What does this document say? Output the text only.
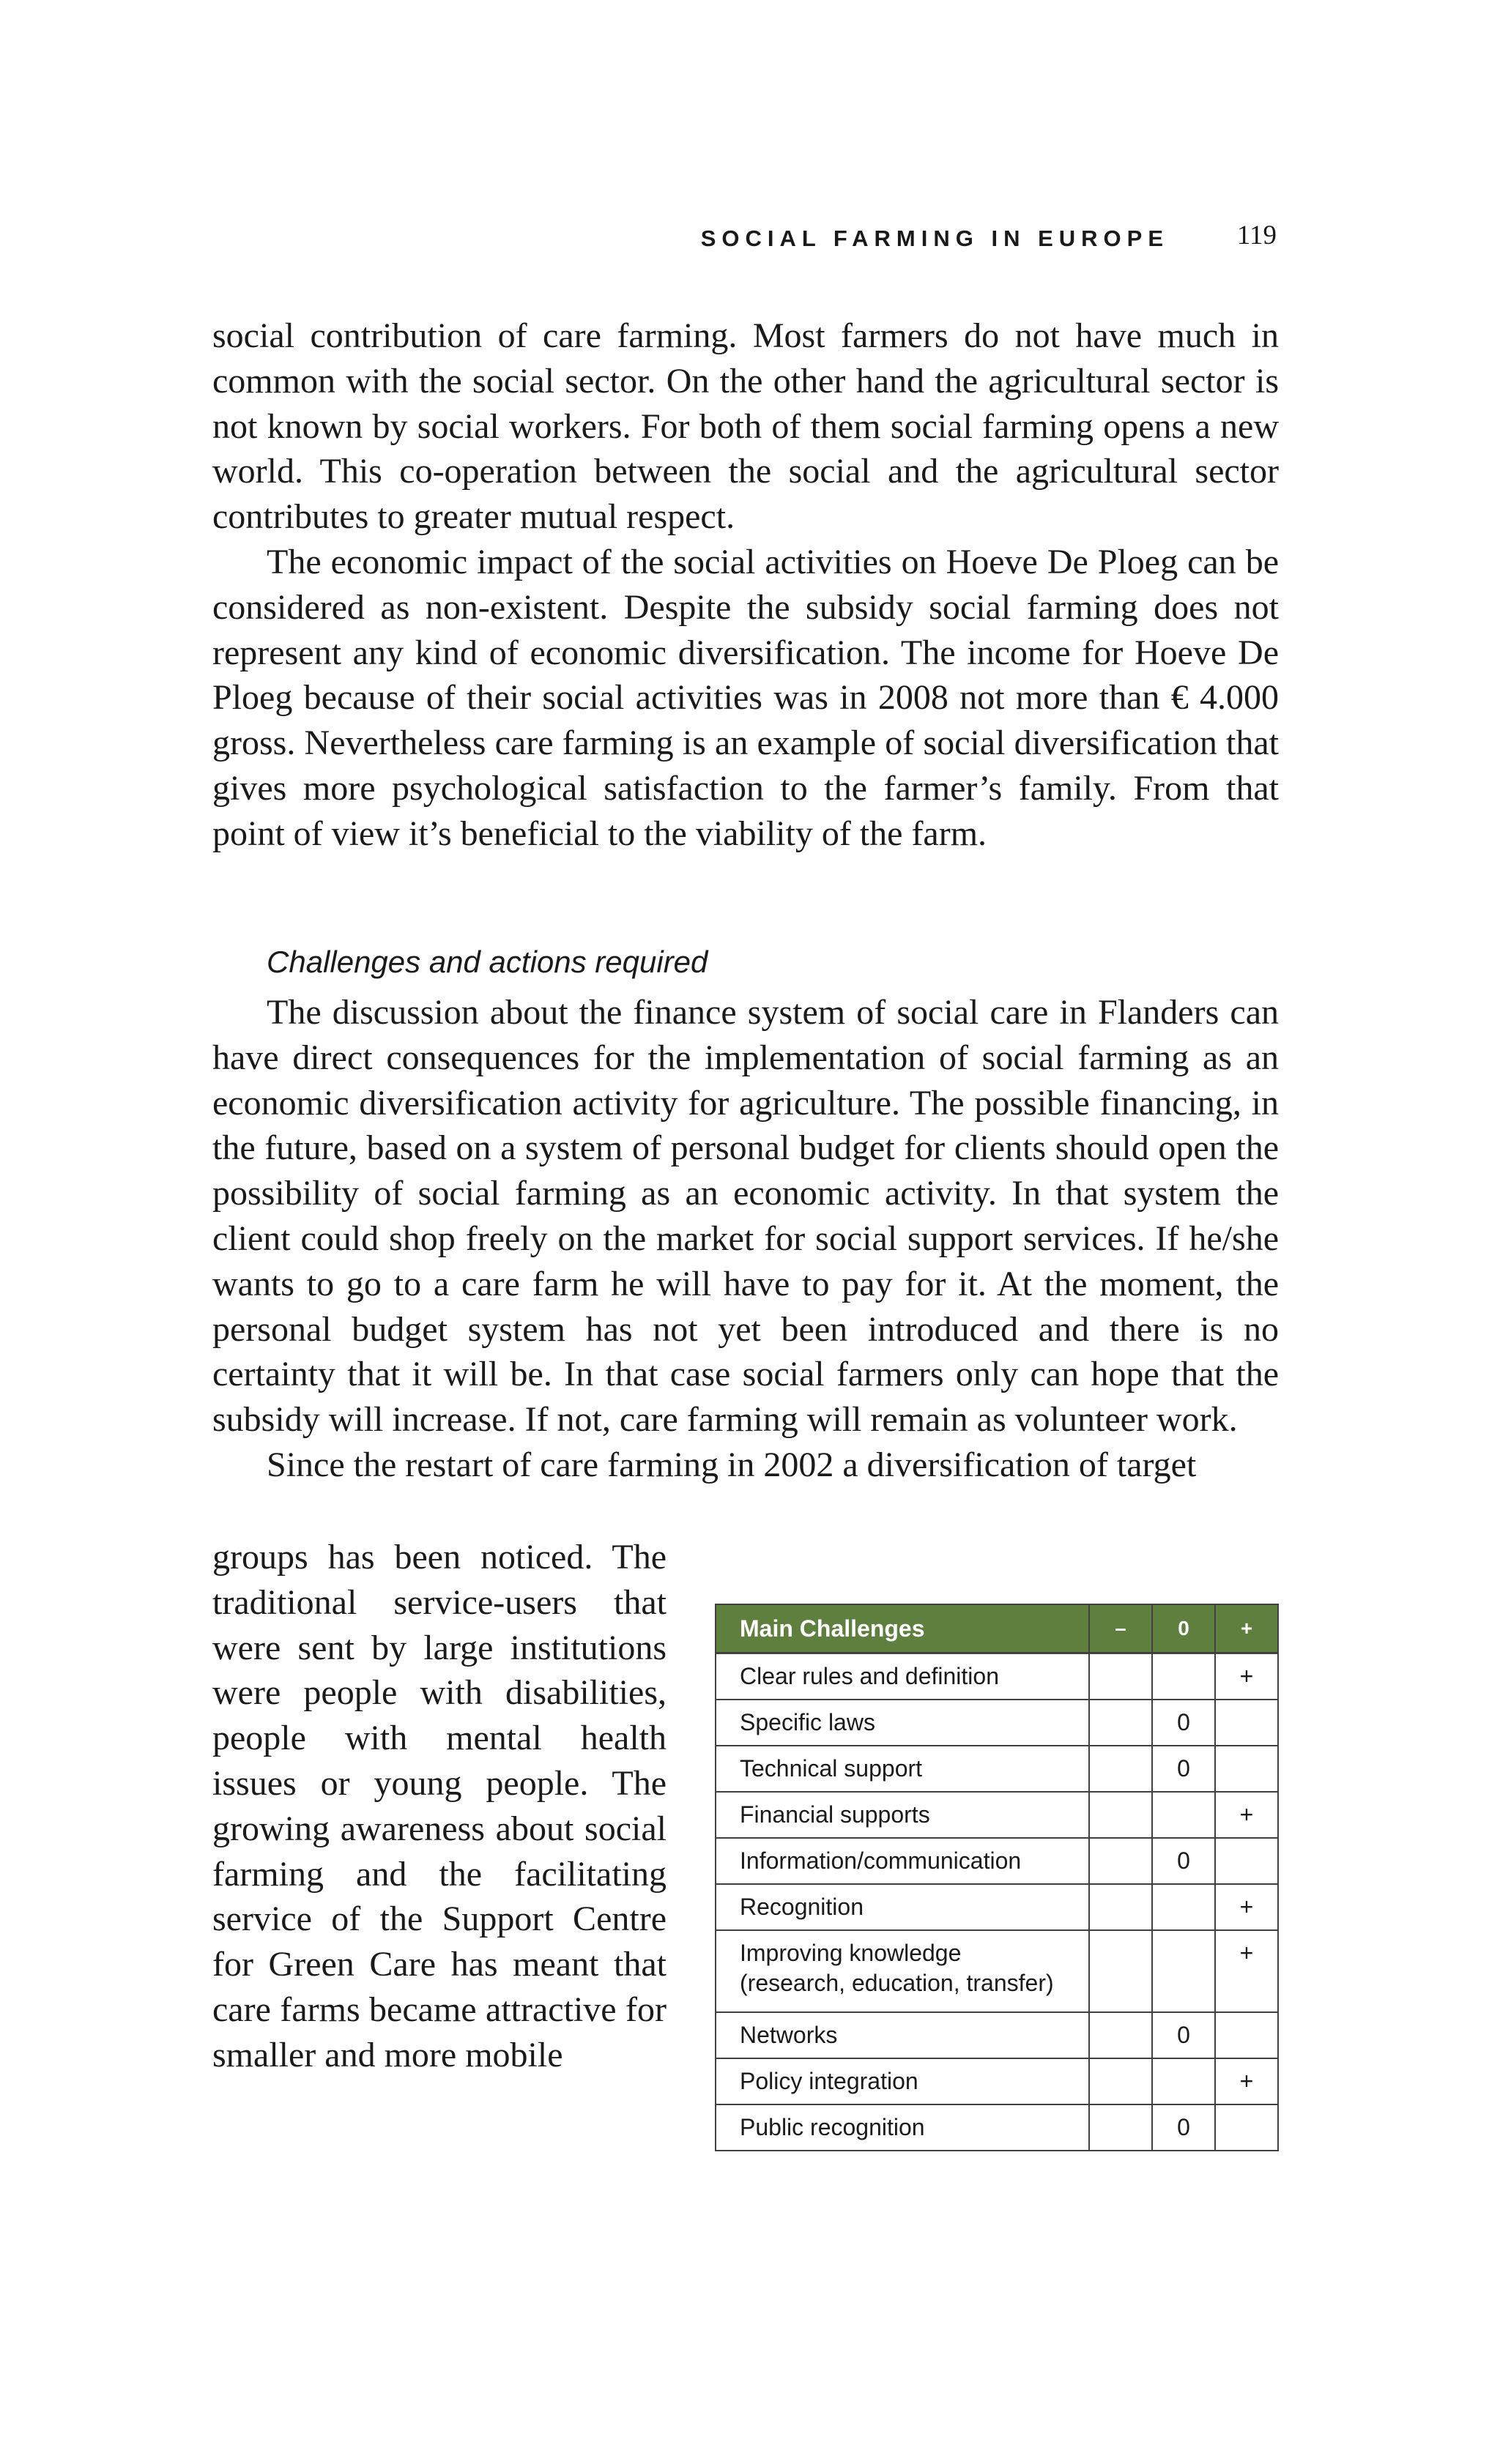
SOCIAL FARMING IN EUROPE	119

social contribution of care farming. Most farmers do not have much in common with the social sector. On the other hand the agricultural sector is not known by social workers. For both of them social farming opens a new world. This co-operation between the social and the agricultural sector contributes to greater mutual respect.

The economic impact of the social activities on Hoeve De Ploeg can be considered as non-existent. Despite the subsidy social farming does not represent any kind of economic diversification. The income for Hoeve De Ploeg because of their social activities was in 2008 not more than € 4.000 gross. Nevertheless care farming is an example of social diversification that gives more psychological satisfaction to the farmer’s family. From that point of view it’s beneficial to the viability of the farm.

Challenges and actions required

The discussion about the finance system of social care in Flanders can have direct consequences for the implementation of social farming as an economic diversification activity for agriculture. The possible financing, in the future, based on a system of personal budget for clients should open the possibility of social farming as an economic activity. In that system the client could shop freely on the market for social support services. If he/she wants to go to a care farm he will have to pay for it. At the moment, the personal budget system has not yet been introduced and there is no certainty that it will be. In that case social farmers only can hope that the subsidy will increase. If not, care farming will remain as volunteer work.

Since the restart of care farming in 2002 a diversification of target

groups has been noticed. The traditional service-users that were sent by large institutions were people with disabilities, people with mental health issues or young people. The growing awareness about social farming and the facilitating service of the Support Centre for Green Care has meant that care farms became attractive for smaller and more mobile

Main Challenges	–	0	+
Clear rules and definition			+
Specific laws		0	
Technical support		0	
Financial supports			+
Information/communication		0	
Recognition			+
Improving knowledge
(research, education, transfer)			+
Networks		0	
Policy integration			+
Public recognition		0	
